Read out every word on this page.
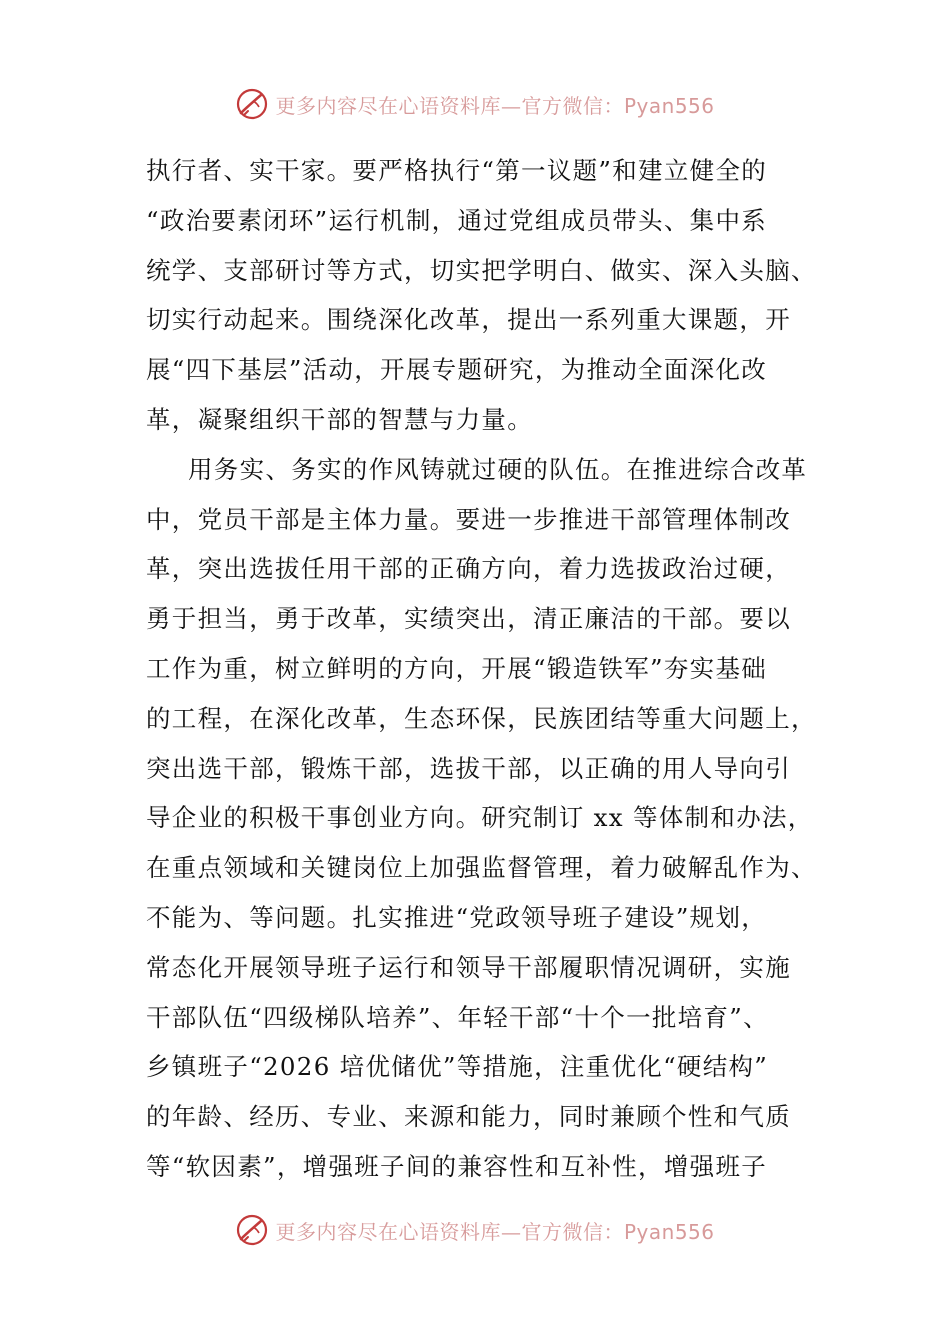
更多内容尽在心语资料库—官方微信：Pyan556
执行者、实干家。要严格执行“第一议题”和建立健全的
“政治要素闭环”运行机制，通过党组成员带头、集中系
统学、支部研讨等方式，切实把学明白、做实、深入头脑、
切实行动起来。围绕深化改革，提出一系列重大课题，开
展“四下基层”活动，开展专题研究，为推动全面深化改
革，凝聚组织干部的智慧与力量。
用务实、务实的作风铸就过硬的队伍。在推进综合改革
中，党员干部是主体力量。要进一步推进干部管理体制改
革，突出选拔任用干部的正确方向，着力选拔政治过硬，
勇于担当，勇于改革，实绩突出，清正廉洁的干部。要以
工作为重，树立鲜明的方向，开展“锻造铁军”夯实基础
的工程，在深化改革，生态环保，民族团结等重大问题上，
突出选干部，锻炼干部，选拔干部，以正确的用人导向引
导企业的积极干事创业方向。研究制订 xx 等体制和办法，
在重点领域和关键岗位上加强监督管理，着力破解乱作为、
不能为、等问题。扎实推进“党政领导班子建设”规划，
常态化开展领导班子运行和领导干部履职情况调研，实施
干部队伍“四级梯队培养”、年轻干部“十个一批培育”、
乡镇班子“2026 培优储优”等措施，注重优化“硬结构”
的年龄、经历、专业、来源和能力，同时兼顾个性和气质
等“软因素”，增强班子间的兼容性和互补性，增强班子
更多内容尽在心语资料库—官方微信：Pyan556
